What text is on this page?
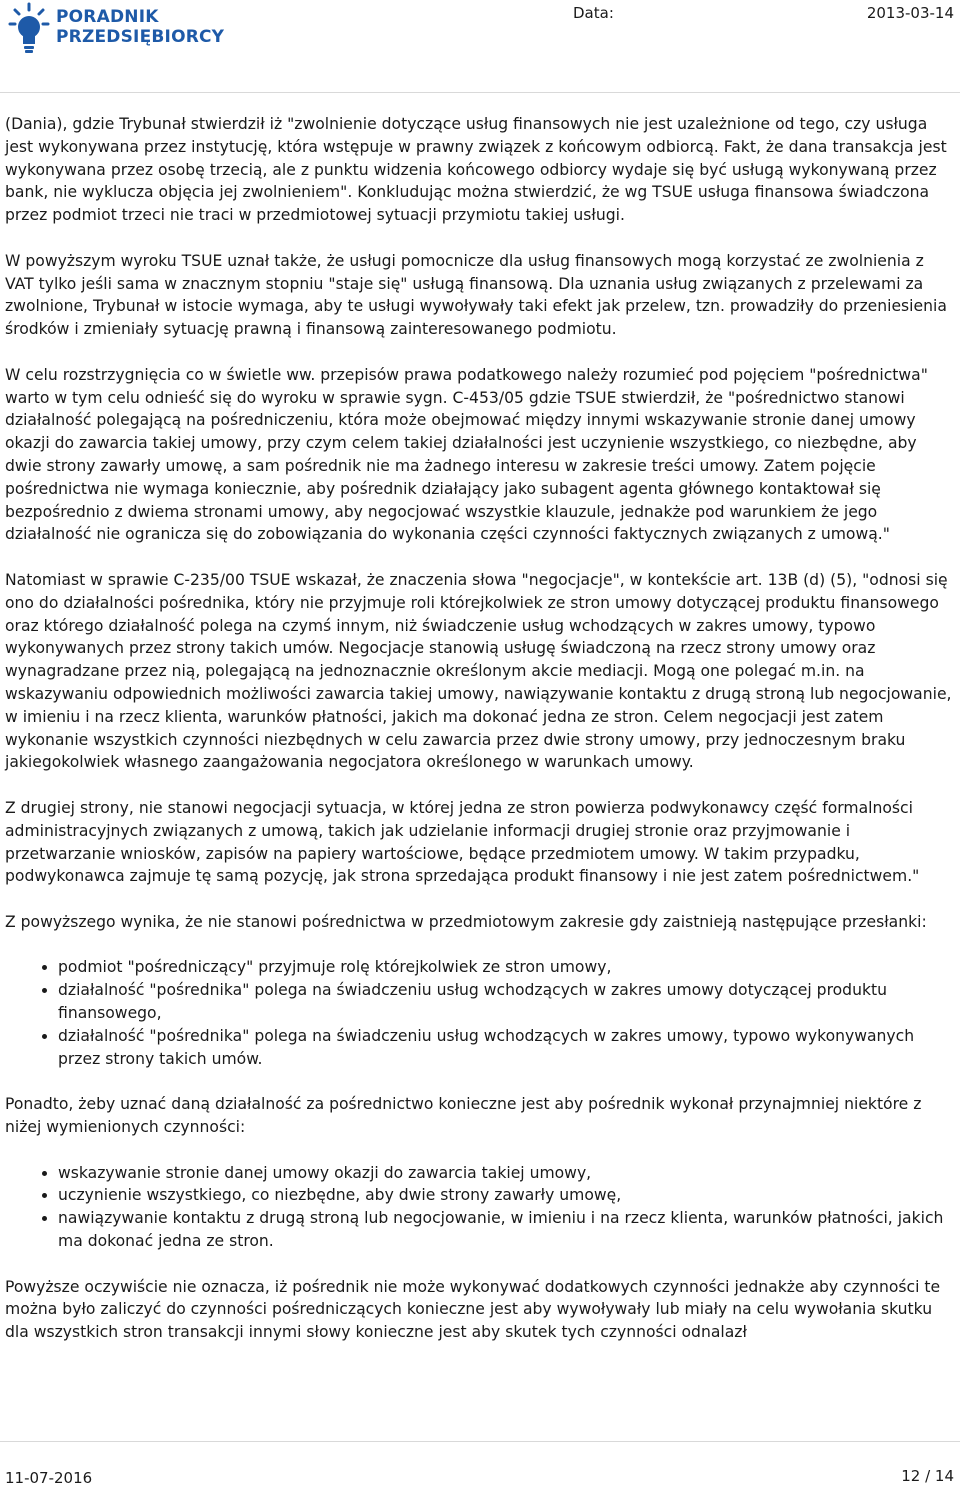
PORADNIK
PRZEDSIĘBIORCY
Data:	2013-03-14

(Dania), gdzie Trybunał stwierdził iż "zwolnienie dotyczące usług finansowych nie jest uzależnione od tego, czy usługa jest wykonywana przez instytucję, która wstępuje w prawny związek z końcowym odbiorcą. Fakt, że dana transakcja jest wykonywana przez osobę trzecią, ale z punktu widzenia końcowego odbiorcy wydaje się być usługą wykonywaną przez bank, nie wyklucza objęcia jej zwolnieniem". Konkludując można stwierdzić, że wg TSUE usługa finansowa świadczona przez podmiot trzeci nie traci w przedmiotowej sytuacji przymiotu takiej usługi.

W powyższym wyroku TSUE uznał także, że usługi pomocnicze dla usług finansowych mogą korzystać ze zwolnienia z VAT tylko jeśli sama w znacznym stopniu "staje się" usługą finansową. Dla uznania usług związanych z przelewami za zwolnione, Trybunał w istocie wymaga, aby te usługi wywoływały taki efekt jak przelew, tzn. prowadziły do przeniesienia środków i zmieniały sytuację prawną i finansową zainteresowanego podmiotu.

W celu rozstrzygnięcia co w świetle ww. przepisów prawa podatkowego należy rozumieć pod pojęciem "pośrednictwa" warto w tym celu odnieść się do wyroku w sprawie sygn. C-453/05 gdzie TSUE stwierdził, że "pośrednictwo stanowi działalność polegającą na pośredniczeniu, która może obejmować między innymi wskazywanie stronie danej umowy okazji do zawarcia takiej umowy, przy czym celem takiej działalności jest uczynienie wszystkiego, co niezbędne, aby dwie strony zawarły umowę, a sam pośrednik nie ma żadnego interesu w zakresie treści umowy. Zatem pojęcie pośrednictwa nie wymaga koniecznie, aby pośrednik działający jako subagent agenta głównego kontaktował się bezpośrednio z dwiema stronami umowy, aby negocjować wszystkie klauzule, jednakże pod warunkiem że jego działalność nie ogranicza się do zobowiązania do wykonania części czynności faktycznych związanych z umową."

Natomiast w sprawie C-235/00 TSUE wskazał, że znaczenia słowa "negocjacje", w kontekście art. 13B (d) (5), "odnosi się ono do działalności pośrednika, który nie przyjmuje roli którejkolwiek ze stron umowy dotyczącej produktu finansowego oraz którego działalność polega na czymś innym, niż świadczenie usług wchodzących w zakres umowy, typowo wykonywanych przez strony takich umów. Negocjacje stanowią usługę świadczoną na rzecz strony umowy oraz wynagradzane przez nią, polegającą na jednoznacznie określonym akcie mediacji. Mogą one polegać m.in. na wskazywaniu odpowiednich możliwości zawarcia takiej umowy, nawiązywanie kontaktu z drugą stroną lub negocjowanie, w imieniu i na rzecz klienta, warunków płatności, jakich ma dokonać jedna ze stron. Celem negocjacji jest zatem wykonanie wszystkich czynności niezbędnych w celu zawarcia przez dwie strony umowy, przy jednoczesnym braku jakiegokolwiek własnego zaangażowania negocjatora określonego w warunkach umowy.

Z drugiej strony, nie stanowi negocjacji sytuacja, w której jedna ze stron powierza podwykonawcy część formalności administracyjnych związanych z umową, takich jak udzielanie informacji drugiej stronie oraz przyjmowanie i przetwarzanie wniosków, zapisów na papiery wartościowe, będące przedmiotem umowy. W takim przypadku, podwykonawca zajmuje tę samą pozycję, jak strona sprzedająca produkt finansowy i nie jest zatem pośrednictwem."

Z powyższego wynika, że nie stanowi pośrednictwa w przedmiotowym zakresie gdy zaistnieją następujące przesłanki:

• podmiot "pośredniczący" przyjmuje rolę którejkolwiek ze stron umowy,
• działalność "pośrednika" polega na świadczeniu usług wchodzących w zakres umowy dotyczącej produktu finansowego,
• działalność "pośrednika" polega na świadczeniu usług wchodzących w zakres umowy, typowo wykonywanych przez strony takich umów.

Ponadto, żeby uznać daną działalność za pośrednictwo konieczne jest aby pośrednik wykonał przynajmniej niektóre z niżej wymienionych czynności:

• wskazywanie stronie danej umowy okazji do zawarcia takiej umowy,
• uczynienie wszystkiego, co niezbędne, aby dwie strony zawarły umowę,
• nawiązywanie kontaktu z drugą stroną lub negocjowanie, w imieniu i na rzecz klienta, warunków płatności, jakich ma dokonać jedna ze stron.

Powyższe oczywiście nie oznacza, iż pośrednik nie może wykonywać dodatkowych czynności jednakże aby czynności te można było zaliczyć do czynności pośredniczących konieczne jest aby wywoływały lub miały na celu wywołania skutku dla wszystkich stron transakcji innymi słowy konieczne jest aby skutek tych czynności odnalazł

11-07-2016	12 / 14
